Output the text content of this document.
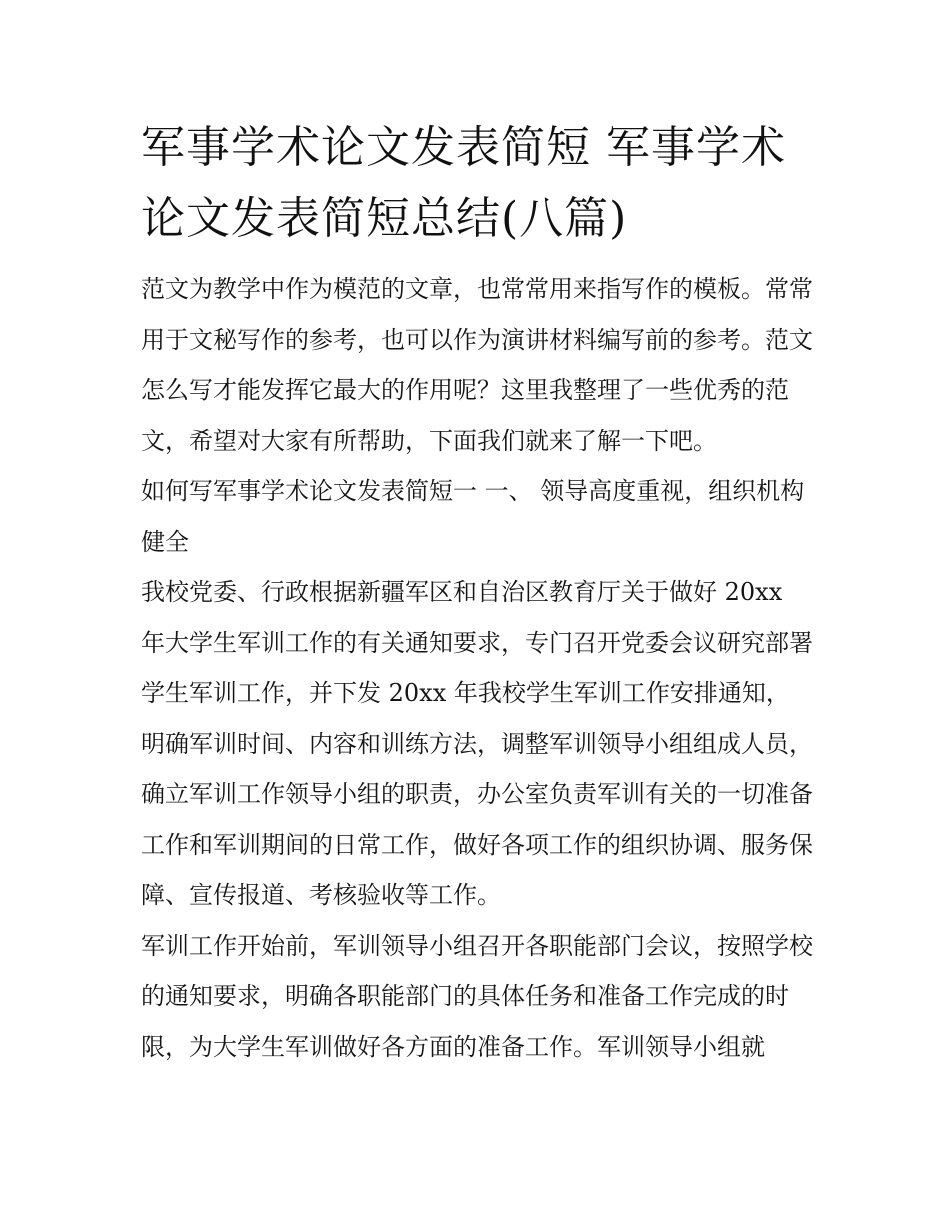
军事学术论文发表简短 军事学术论文发表简短总结(八篇)

范文为教学中作为模范的文章，也常常用来指写作的模板。常常用于文秘写作的参考，也可以作为演讲材料编写前的参考。范文怎么写才能发挥它最大的作用呢？这里我整理了一些优秀的范文，希望对大家有所帮助，下面我们就来了解一下吧。

如何写军事学术论文发表简短一 一、 领导高度重视，组织机构健全

我校党委、行政根据新疆军区和自治区教育厅关于做好 20xx 年大学生军训工作的有关通知要求，专门召开党委会议研究部署学生军训工作，并下发 20xx 年我校学生军训工作安排通知，明确军训时间、内容和训练方法，调整军训领导小组组成人员，确立军训工作领导小组的职责，办公室负责军训有关的一切准备工作和军训期间的日常工作，做好各项工作的组织协调、服务保障、宣传报道、考核验收等工作。

军训工作开始前，军训领导小组召开各职能部门会议，按照学校的通知要求，明确各职能部门的具体任务和准备工作完成的时限，为大学生军训做好各方面的准备工作。军训领导小组就
